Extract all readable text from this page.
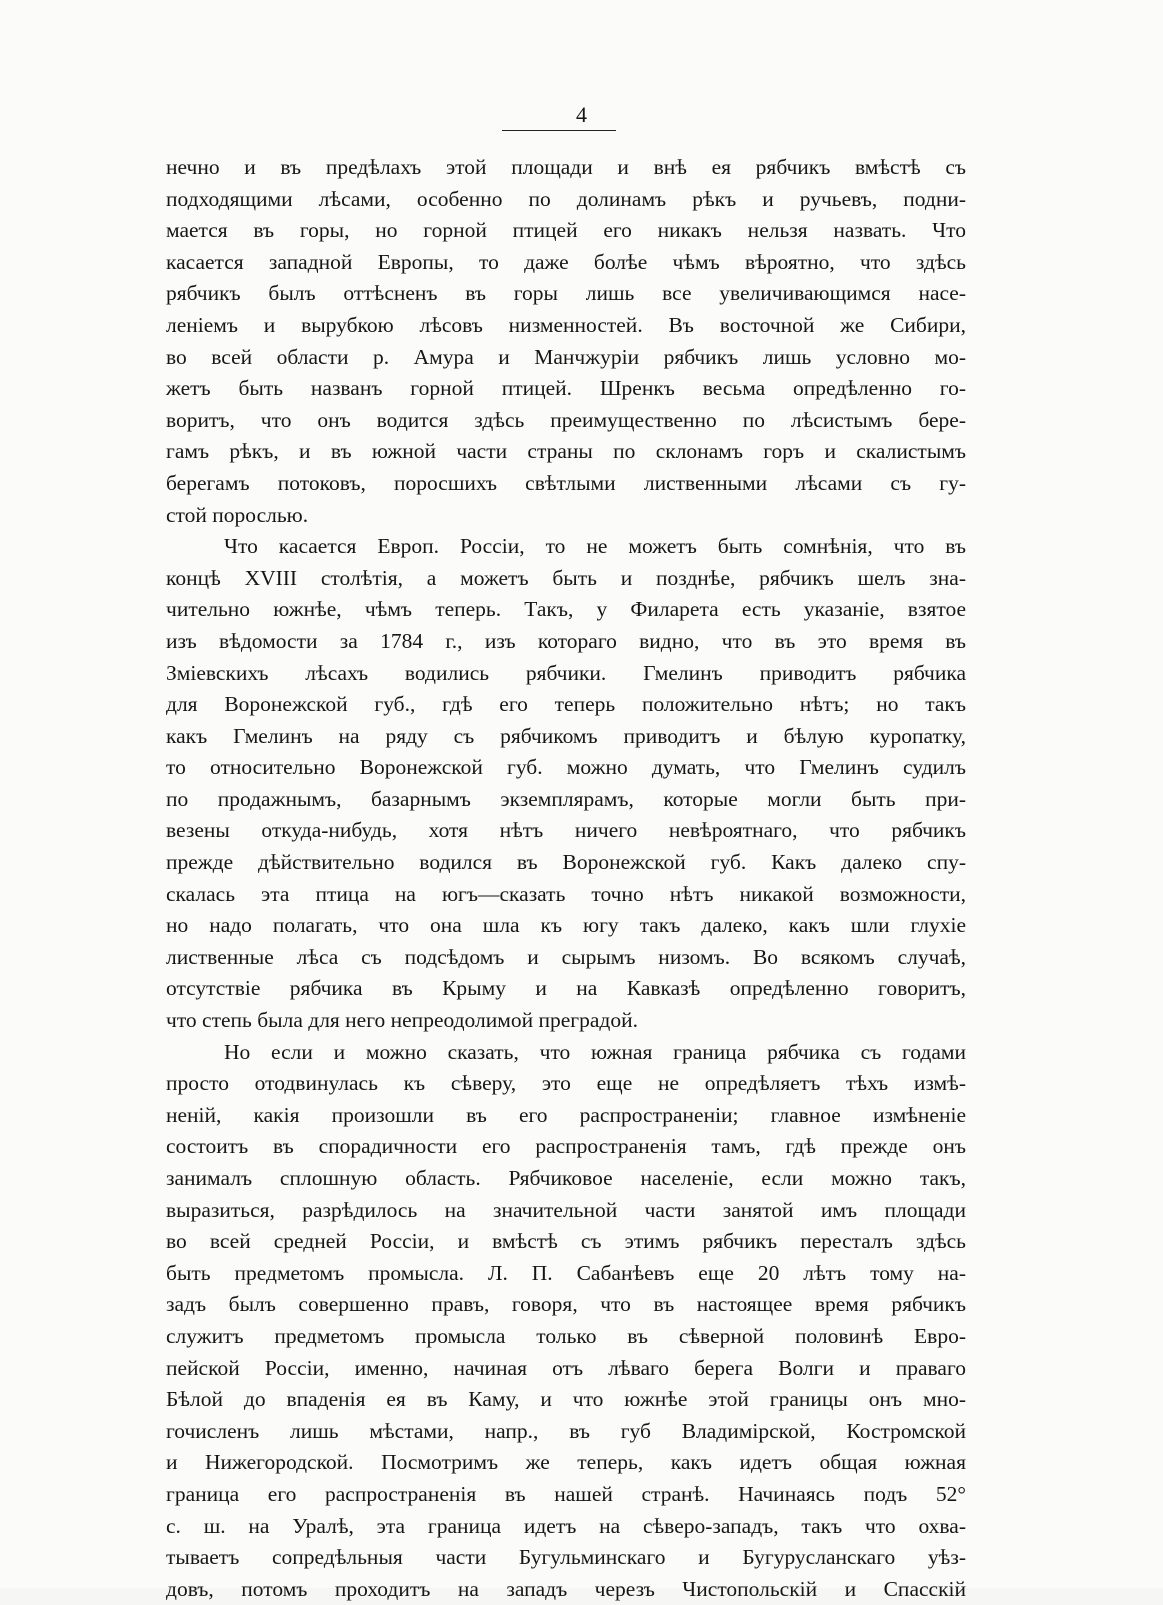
4
нечно и въ предѣлахъ этой площади и внѣ ея рябчикъ вмѣстѣ съ
подходящими лѣсами, особенно по долинамъ рѣкъ и ручьевъ, подни-
мается въ горы, но горной птицей его никакъ нельзя назвать. Что
касается западной Европы, то даже болѣе чѣмъ вѣроятно, что здѣсь
рябчикъ былъ оттѣсненъ въ горы лишь все увеличивающимся насе-
леніемъ и вырубкою лѣсовъ низменностей. Въ восточной же Сибири,
во всей области р. Амура и Манчжуріи рябчикъ лишь условно мо-
жетъ быть названъ горной птицей. Шренкъ весьма опредѣленно го-
воритъ, что онъ водится здѣсь преимущественно по лѣсистымъ бере-
гамъ рѣкъ, и въ южной части страны по склонамъ горъ и скалистымъ
берегамъ потоковъ, поросшихъ свѣтлыми лиственными лѣсами съ гу-
стой порослью.
Что касается Европ. Россіи, то не можетъ быть сомнѣнія, что въ
концѣ XVIII столѣтія, а можетъ быть и позднѣе, рябчикъ шелъ зна-
чительно южнѣе, чѣмъ теперь. Такъ, у Филарета есть указаніе, взятое
изъ вѣдомости за 1784 г., изъ котораго видно, что въ это время въ
Зміевскихъ лѣсахъ водились рябчики. Гмелинъ приводитъ рябчика
для Воронежской губ., гдѣ его теперь положительно нѣтъ; но такъ
какъ Гмелинъ на ряду съ рябчикомъ приводитъ и бѣлую куропатку,
то относительно Воронежской губ. можно думать, что Гмелинъ судилъ
по продажнымъ, базарнымъ экземплярамъ, которые могли быть при-
везены откуда-нибудь, хотя нѣтъ ничего невѣроятнаго, что рябчикъ
прежде дѣйствительно водился въ Воронежской губ. Какъ далеко спу-
скалась эта птица на югъ—сказать точно нѣтъ никакой возможности,
но надо полагать, что она шла къ югу такъ далеко, какъ шли глухіе
лиственные лѣса съ подсѣдомъ и сырымъ низомъ. Во всякомъ случаѣ,
отсутствіе рябчика въ Крыму и на Кавказѣ опредѣленно говоритъ,
что степь была для него непреодолимой преградой.
Но если и можно сказать, что южная граница рябчика съ годами
просто отодвинулась къ сѣверу, это еще не опредѣляетъ тѣхъ измѣ-
неній, какія произошли въ его распространеніи; главное измѣненіе
состоитъ въ спорадичности его распространенія тамъ, гдѣ прежде онъ
занималъ сплошную область. Рябчиковое населеніе, если можно такъ,
выразиться, разрѣдилось на значительной части занятой имъ площади
во всей средней Россіи, и вмѣстѣ съ этимъ рябчикъ пересталъ здѣсь
быть предметомъ промысла. Л. П. Сабанѣевъ еще 20 лѣтъ тому на-
задъ былъ совершенно правъ, говоря, что въ настоящее время рябчикъ
служитъ предметомъ промысла только въ сѣверной половинѣ Евро-
пейской Россіи, именно, начиная отъ лѣваго берега Волги и праваго
Бѣлой до впаденія ея въ Каму, и что южнѣе этой границы онъ мно-
гочисленъ лишь мѣстами, напр., въ губ Владимірской, Костромской
и Нижегородской. Посмотримъ же теперь, какъ идетъ общая южная
граница его распространенія въ нашей странѣ. Начинаясь подъ 52°
с. ш. на Уралѣ, эта граница идетъ на сѣверо-западъ, такъ что охва-
тываетъ сопредѣльныя части Бугульминскаго и Бугурусланскаго уѣз-
довъ, потомъ проходитъ на западъ черезъ Чистопольскій и Спасскій
